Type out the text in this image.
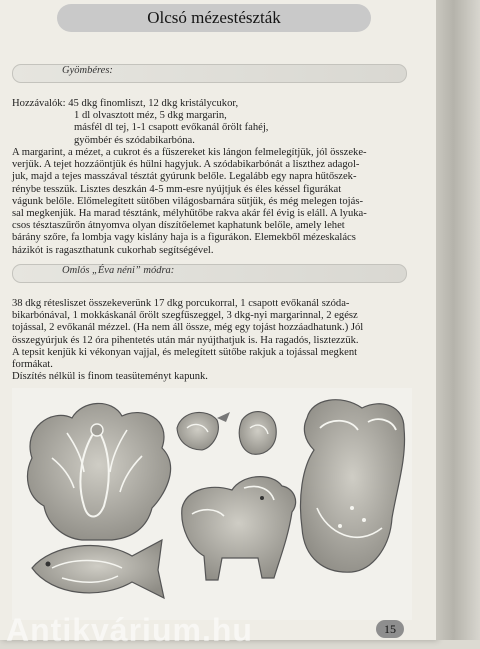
Olcsó mézestészták
Gyömbéres:
Hozzávalók: 45 dkg finomliszt, 12 dkg kristálycukor,
1 dl olvasztott méz, 5 dkg margarin,
másfél dl tej, 1-1 csapott evőkanál őrölt fahéj,
gyömbér és szódabikarbóna.
A margarint, a mézet, a cukrot és a fűszereket kis lángon felmelegítjük, jól összeke-
verjük. A tejet hozzáöntjük és hűlni hagyjuk. A szódabikarbónát a liszthez adagol-
juk, majd a tejes masszával tésztát gyúrunk belőle. Legalább egy napra hűtőszek-
rénybe tesszük. Lisztes deszkán 4-5 mm-esre nyújtjuk és éles késsel figurákat
vágunk belőle. Előmelegített sütőben világosbarnára sütjük, és még melegen tojás-
sal megkenjük. Ha marad tésztánk, mélyhűtőbe rakva akár fél évig is eláll. A lyuka-
csos tésztaszűrőn átnyomva olyan díszítőelemet kaphatunk belőle, amely lehet
bárány szőre, fa lombja vagy kislány haja is a figurákon. Elemekből mézeskalács
házikót is ragaszthatunk cukorhab segítségével.
Omlós „Éva néni” módra:
38 dkg rétesliszet összekeverünk 17 dkg porcukorral, 1 csapott evőkanál szóda-
bikarbónával, 1 mokkáskanál őrölt szegfűszeggel, 3 dkg-nyi margarinnal, 2 egész
tojással, 2 evőkanál mézzel. (Ha nem áll össze, még egy tojást hozzáadhatunk.) Jól
összegyúrjuk és 12 óra pihentetés után már nyújthatjuk is. Ha ragadós, lisztezzük.
A tepsit kenjük ki vékonyan vajjal, és melegített sütőbe rakjuk a tojással megkent
formákat.
Díszítés nélkül is finom teasüteményt kapunk.
15
Antikvárium.hu
